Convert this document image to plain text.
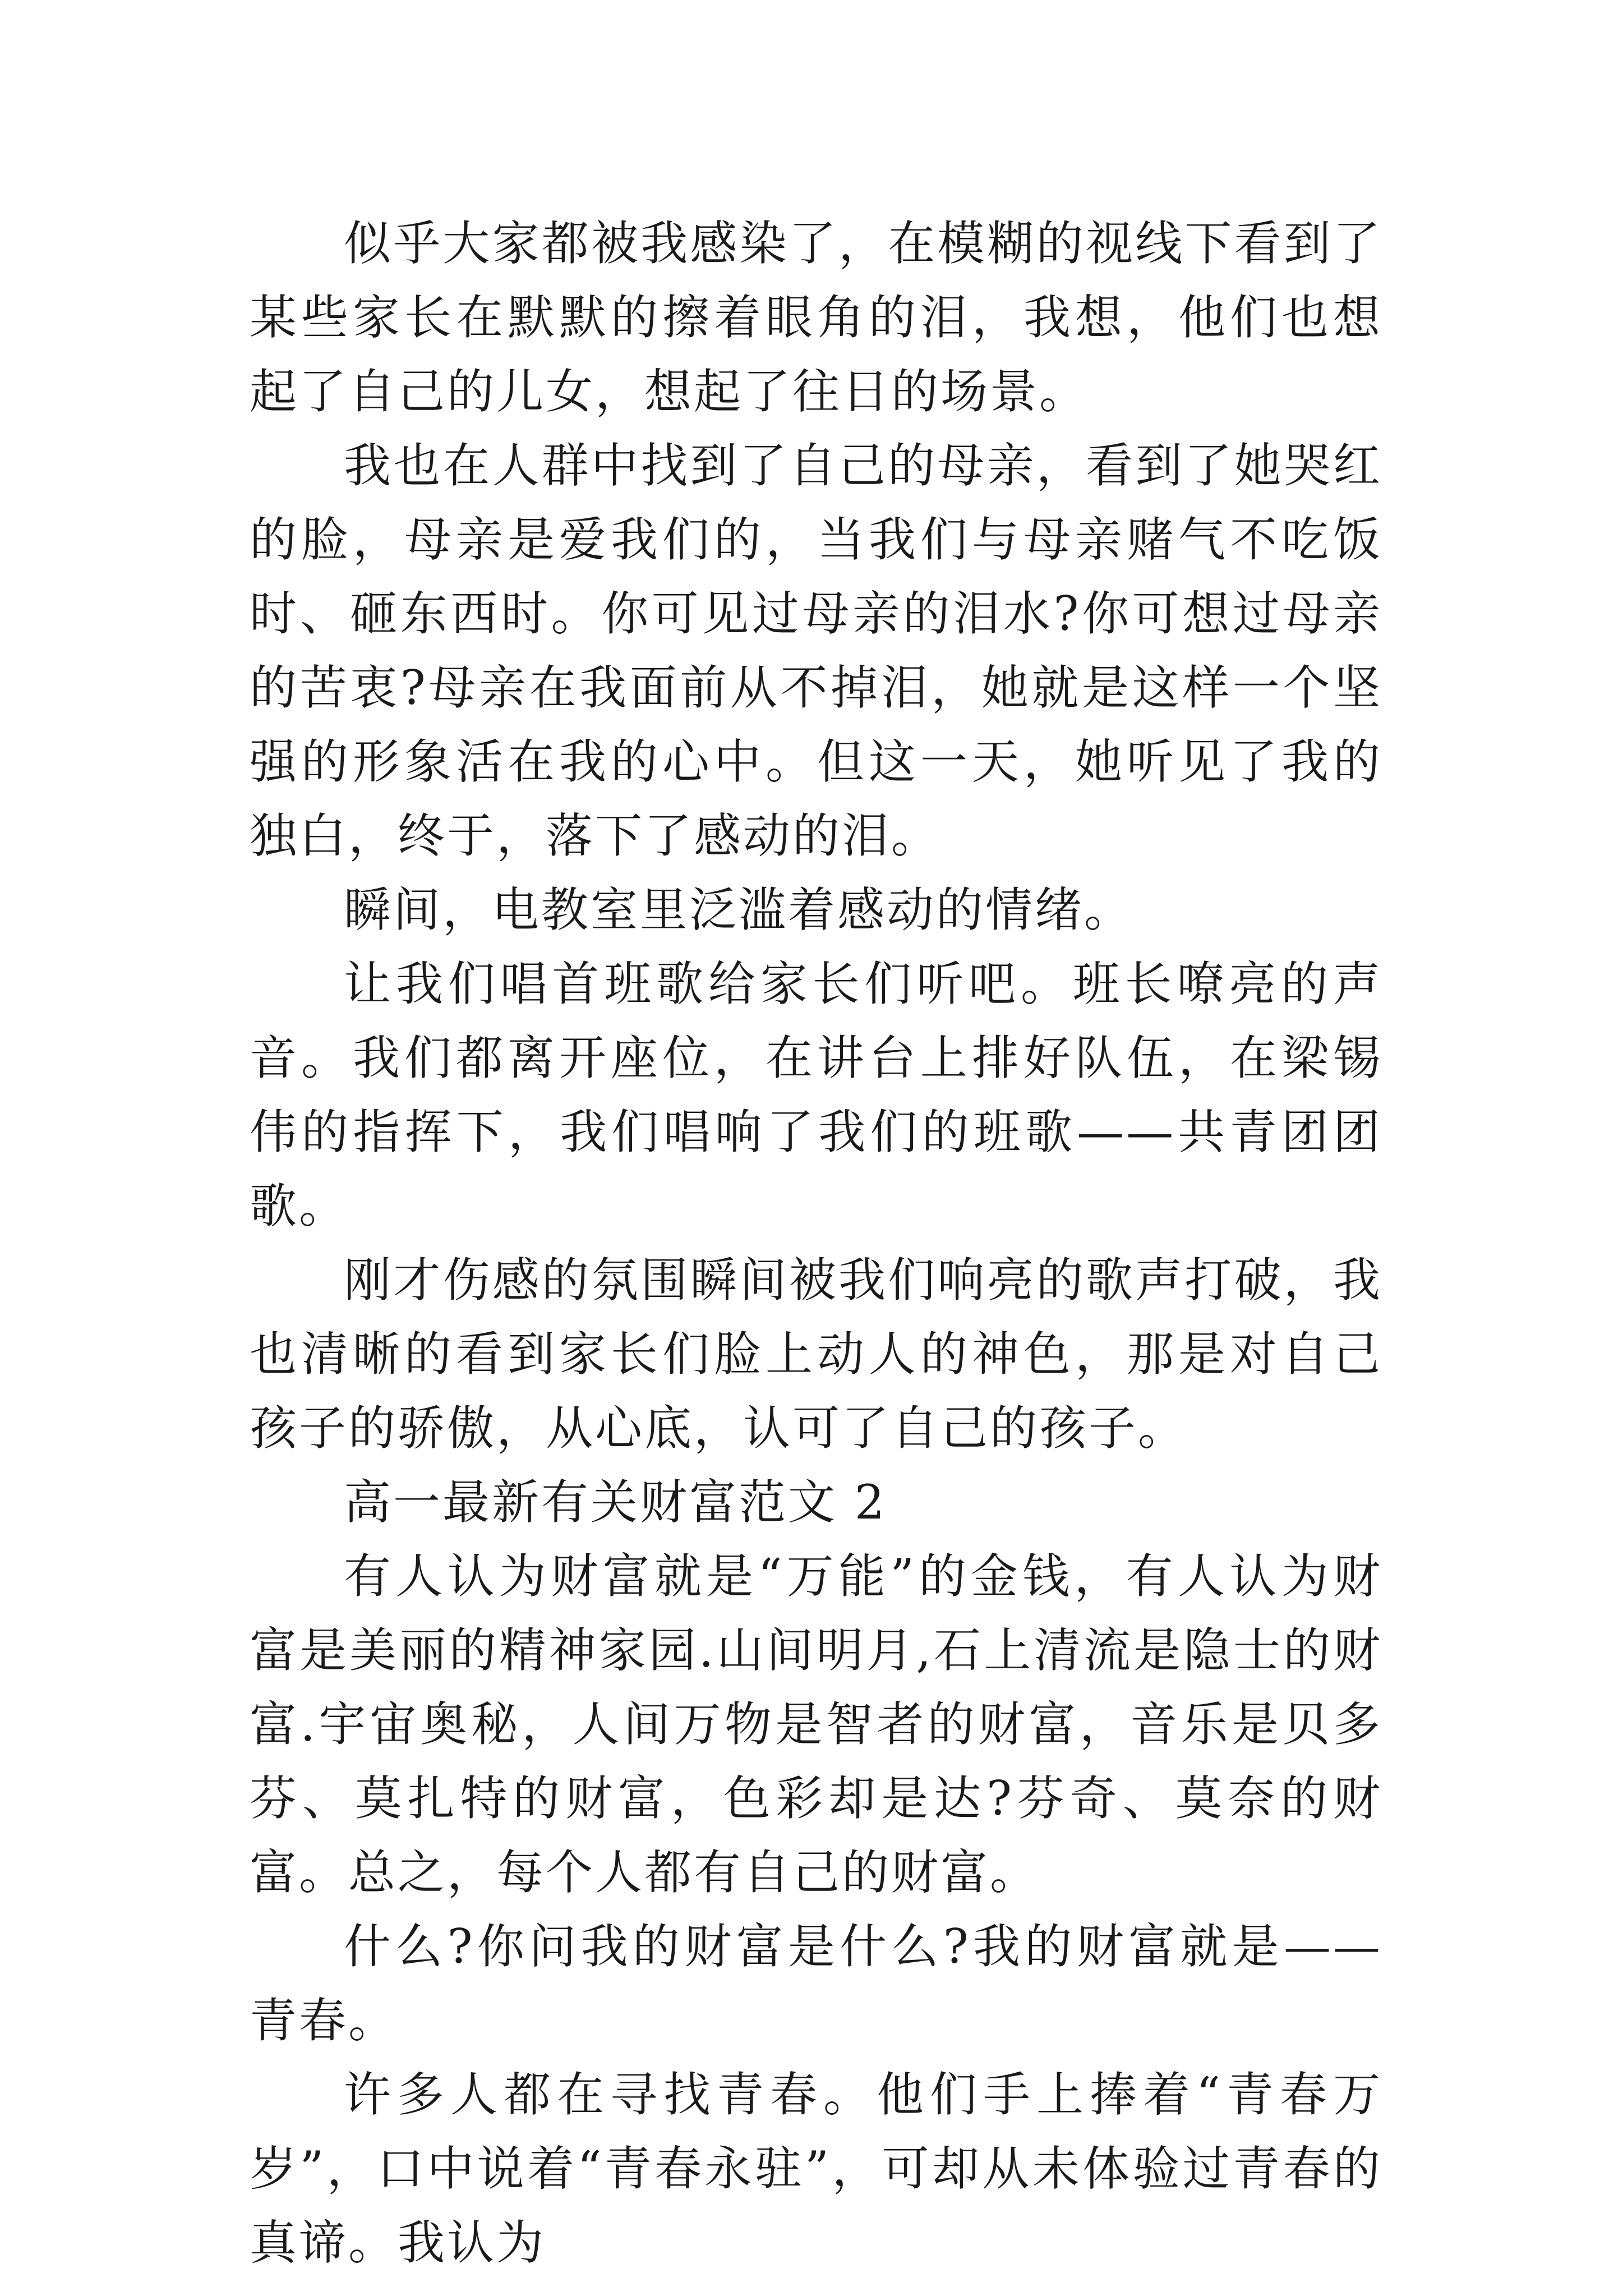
似乎大家都被我感染了，在模糊的视线下看到了某些家长在默默的擦着眼角的泪，我想，他们也想起了自己的儿女，想起了往日的场景。

我也在人群中找到了自己的母亲，看到了她哭红的脸，母亲是爱我们的，当我们与母亲赌气不吃饭时、砸东西时。你可见过母亲的泪水?你可想过母亲的苦衷?母亲在我面前从不掉泪，她就是这样一个坚强的形象活在我的心中。但这一天，她听见了我的独白，终于，落下了感动的泪。

瞬间，电教室里泛滥着感动的情绪。

让我们唱首班歌给家长们听吧。班长嘹亮的声音。我们都离开座位，在讲台上排好队伍，在梁锡伟的指挥下，我们唱响了我们的班歌——共青团团歌。

刚才伤感的氛围瞬间被我们响亮的歌声打破，我也清晰的看到家长们脸上动人的神色，那是对自己孩子的骄傲，从心底，认可了自己的孩子。

高一最新有关财富范文 2

有人认为财富就是“万能”的金钱，有人认为财富是美丽的精神家园.山间明月,石上清流是隐士的财富.宇宙奥秘，人间万物是智者的财富，音乐是贝多芬、莫扎特的财富，色彩却是达?芬奇、莫奈的财富。总之，每个人都有自己的财富。

什么?你问我的财富是什么?我的财富就是——青春。

许多人都在寻找青春。他们手上捧着“青春万岁”，口中说着“青春永驻”，可却从未体验过青春的真谛。我认为
